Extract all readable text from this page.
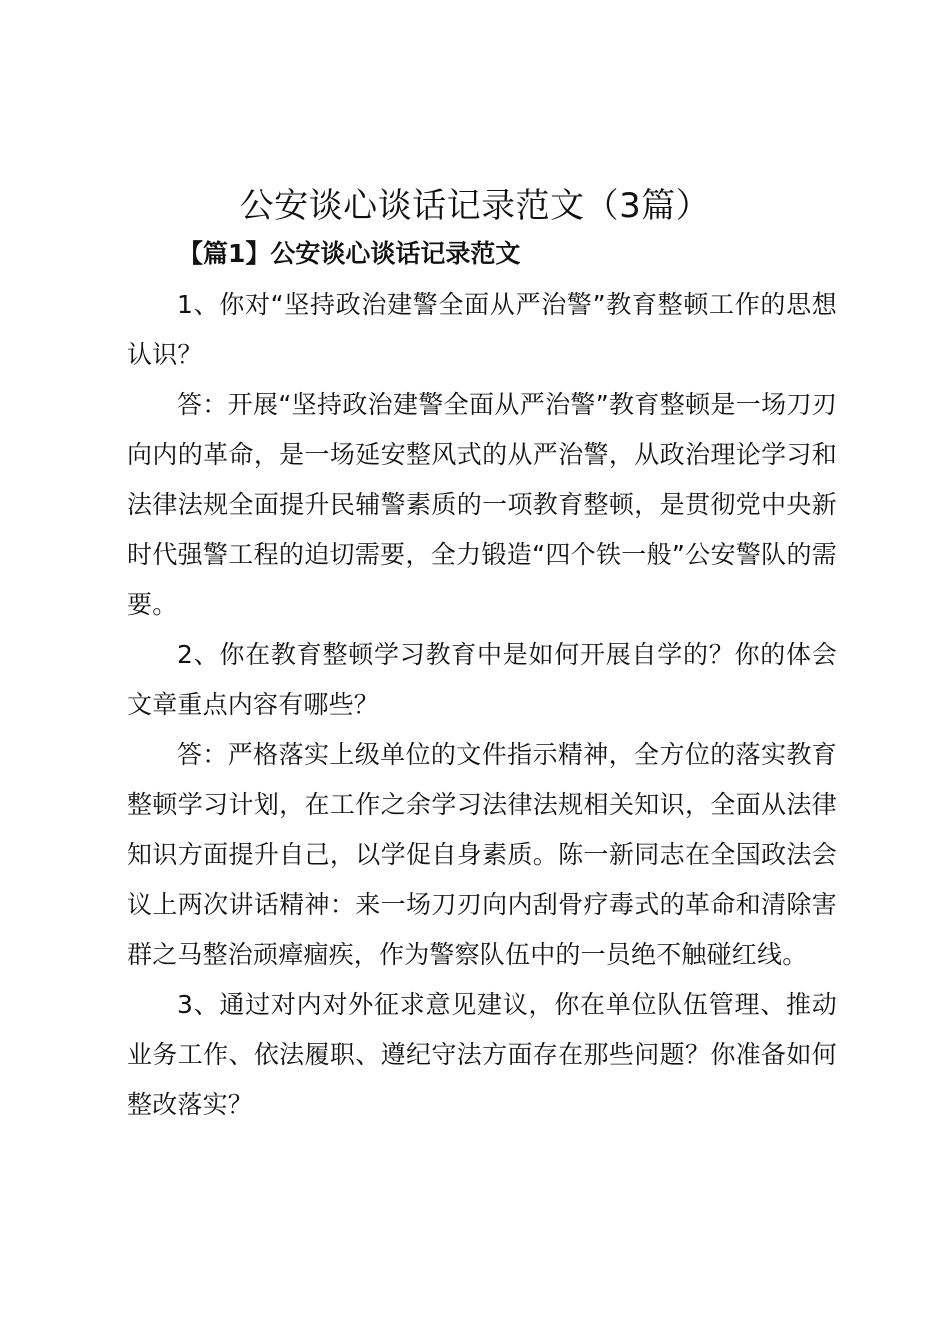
公安谈心谈话记录范文（3篇）
【篇1】公安谈心谈话记录范文

1、你对“坚持政治建警全面从严治警”教育整顿工作的思想认识？

答：开展“坚持政治建警全面从严治警”教育整顿是一场刀刃向内的革命，是一场延安整风式的从严治警，从政治理论学习和法律法规全面提升民辅警素质的一项教育整顿，是贯彻党中央新时代强警工程的迫切需要，全力锻造“四个铁一般”公安警队的需要。

2、你在教育整顿学习教育中是如何开展自学的？你的体会文章重点内容有哪些？

答：严格落实上级单位的文件指示精神，全方位的落实教育整顿学习计划，在工作之余学习法律法规相关知识，全面从法律知识方面提升自己，以学促自身素质。陈一新同志在全国政法会议上两次讲话精神：来一场刀刃向内刮骨疗毒式的革命和清除害群之马整治顽瘴痼疾，作为警察队伍中的一员绝不触碰红线。

3、通过对内对外征求意见建议，你在单位队伍管理、推动业务工作、依法履职、遵纪守法方面存在那些问题？你准备如何整改落实？
